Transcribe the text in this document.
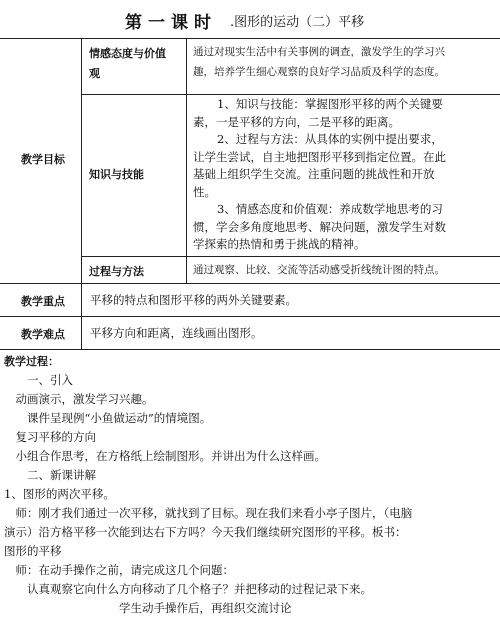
第一课时 .图形的运动（二）平移
教学目标
情感态度与价值
观
通过对现实生活中有关事例的调查，激发学生的学习兴
趣，培养学生细心观察的良好学习品质及科学的态度。
知识与技能
1、知识与技能：掌握图形平移的两个关键要
素，一是平移的方向，二是平移的距离。
2、过程与方法：从具体的实例中提出要求，
让学生尝试，自主地把图形平移到指定位置。在此
基础上组织学生交流。注重问题的挑战性和开放
性。
3、情感态度和价值观：养成数学地思考的习
惯，学会多角度地思考、解决问题，激发学生对数
学探索的热情和勇于挑战的精神。
过程与方法	通过观察、比较、交流等活动感受折线统计图的特点。
教学重点 平移的特点和图形平移的两外关键要素。
教学难点 平移方向和距离，连线画出图形。
教学过程：
　　一、引入
　动画演示，激发学习兴趣。
　　课件呈现例“小鱼做运动”的情境图。
　复习平移的方向
　小组合作思考，在方格纸上绘制图形。并讲出为什么这样画。
　　二、新课讲解
1、图形的两次平移。
　师：刚才我们通过一次平移，就找到了目标。现在我们来看小亭子图片，（电脑
演示）沿方格平移一次能到达右下方吗？今天我们继续研究图形的平移。板书：
图形的平移
　师：在动手操作之前，请完成这几个问题：
　　认真观察它向什么方向移动了几个格子？并把移动的过程记录下来。
　　　　　　　　　　学生动手操作后，再组织交流讨论
